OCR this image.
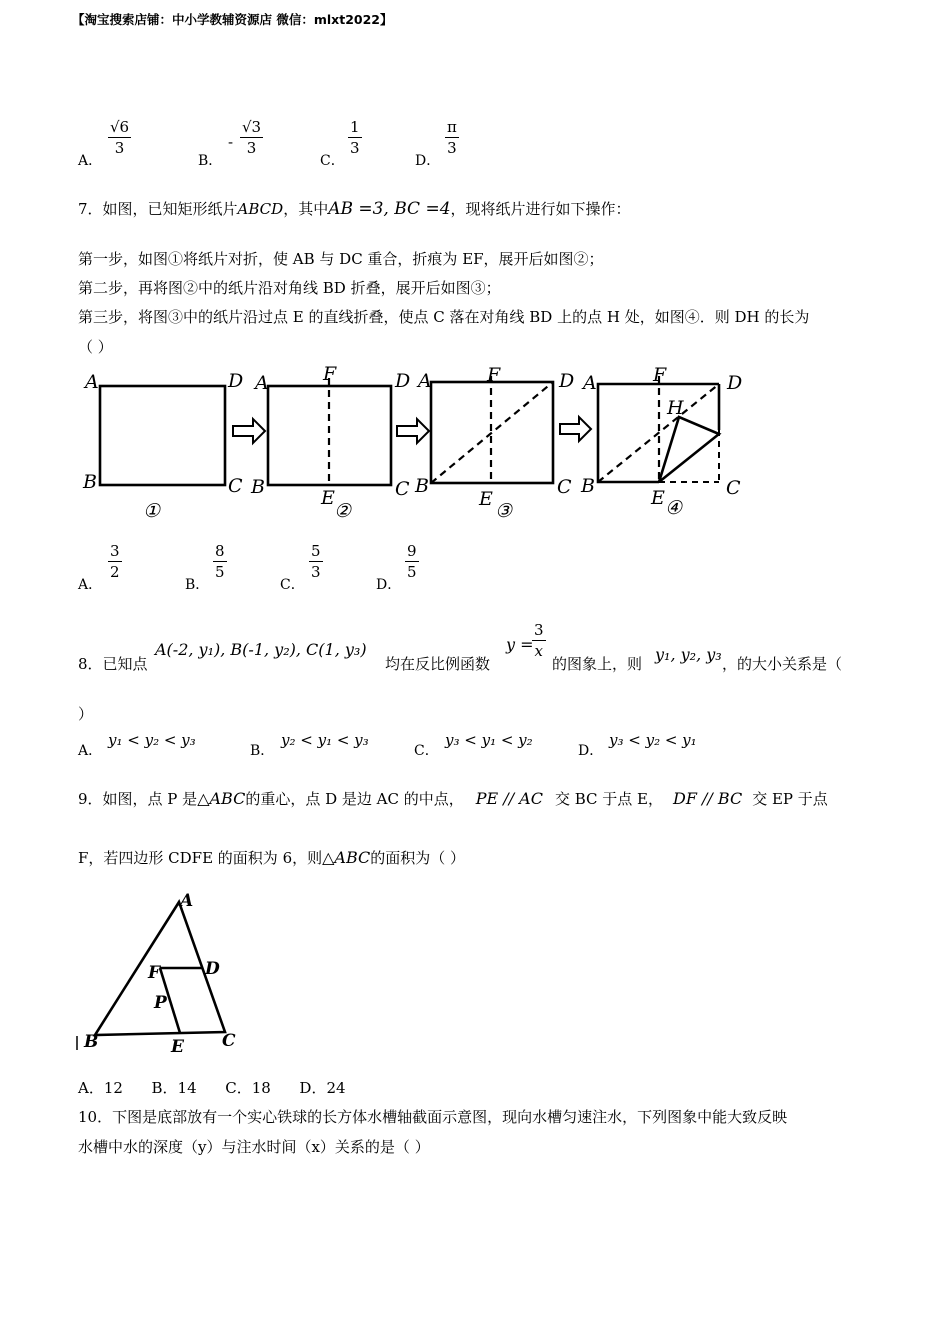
【淘宝搜索店铺：中小学教辅资源店 微信：mlxt2022】
A．
√6
3
B．
-
√3
3
C．
1
3
D．
π
3
7．如图，已知矩形纸片ABCD，其中AB =3, BC =4，现将纸片进行如下操作：
第一步，如图①将纸片对折，使 AB 与 DC 重合，折痕为 EF，展开后如图②；
第二步，再将图②中的纸片沿对角线 BD 折叠，展开后如图③；
第三步，将图③中的纸片沿过点 E 的直线折叠，使点 C 落在对角线 BD 上的点 H 处，如图④．则 DH 的长为
（ ）
A	D
B	C
①
A	F	D
B	E
②
C
A	F	D
B
E
③
C
A	F	D
H
B
E ④
C
A．
3
2
B．
8
5
C．
5
3
D．
9
5
8．已知点
A(-2, y₁), B(-1, y₂), C(1, y₃)
均在反比例函数
y =
3
x
的图象上，则 y₁, y₂, y₃ ，的大小关系是（
）
A．
y₁ < y₂ < y₃
B．
y₂ < y₁ < y₃
C．
y₃ < y₁ < y₂
D．
y₃ < y₂ < y₁
9．如图，点 P 是△ABC的重心，点 D 是边 AC 的中点， PE // AC 交 BC 于点 E， DF // BC 交 EP 于点
F，若四边形 CDFE 的面积为 6，则△ABC的面积为（ ）
A
D
F
P
B	E C
A．12      B．14      C．18      D．24
10．下图是底部放有一个实心铁球的长方体水槽轴截面示意图，现向水槽匀速注水，下列图象中能大致反映
水槽中水的深度（y）与注水时间（x）关系的是（ ）
